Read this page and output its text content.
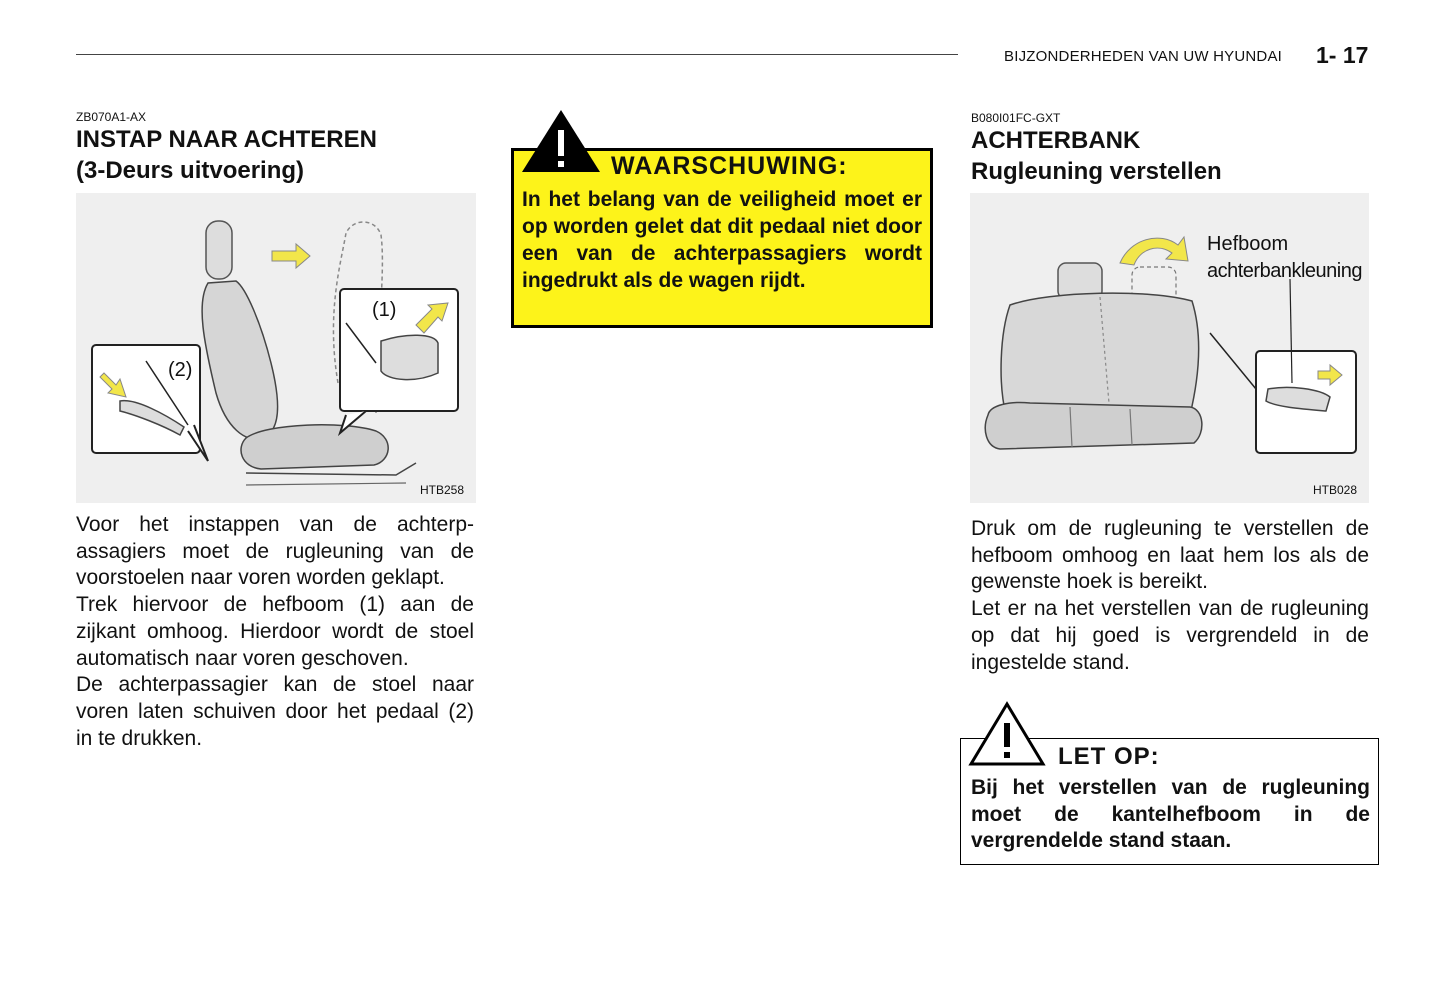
BIJZONDERHEDEN VAN UW HYUNDAI 1- 17
ZB070A1-AX
INSTAP NAAR ACHTEREN
(3-Deurs uitvoering)
(1)
(2)
HTB258

Voor het instappen van de achterp-assagiers moet de rugleuning van de voorstoelen naar voren worden geklapt.

Trek hiervoor de hefboom (1) aan de zijkant omhoog. Hierdoor wordt de stoel automatisch naar voren geschoven.

De achterpassagier kan de stoel naar voren laten schuiven door het pedaal (2) in te drukken.

WAARSCHUWING:
In het belang van de veiligheid moet er op worden gelet dat dit pedaal niet door een van de achterpassagiers wordt ingedrukt als de wagen rijdt.
B080I01FC-GXT
ACHTERBANK
Rugleuning verstellen
Hefboom
achterbankleuning
HTB028

Druk om de rugleuning te verstellen de hefboom omhoog en laat hem los als de gewenste hoek is bereikt.

Let er na het verstellen van de rugleuning op dat hij goed is vergrendeld in de ingestelde stand.

LET OP:
Bij het verstellen van de rugleuning moet de kantelhefboom in de vergrendelde stand staan.
